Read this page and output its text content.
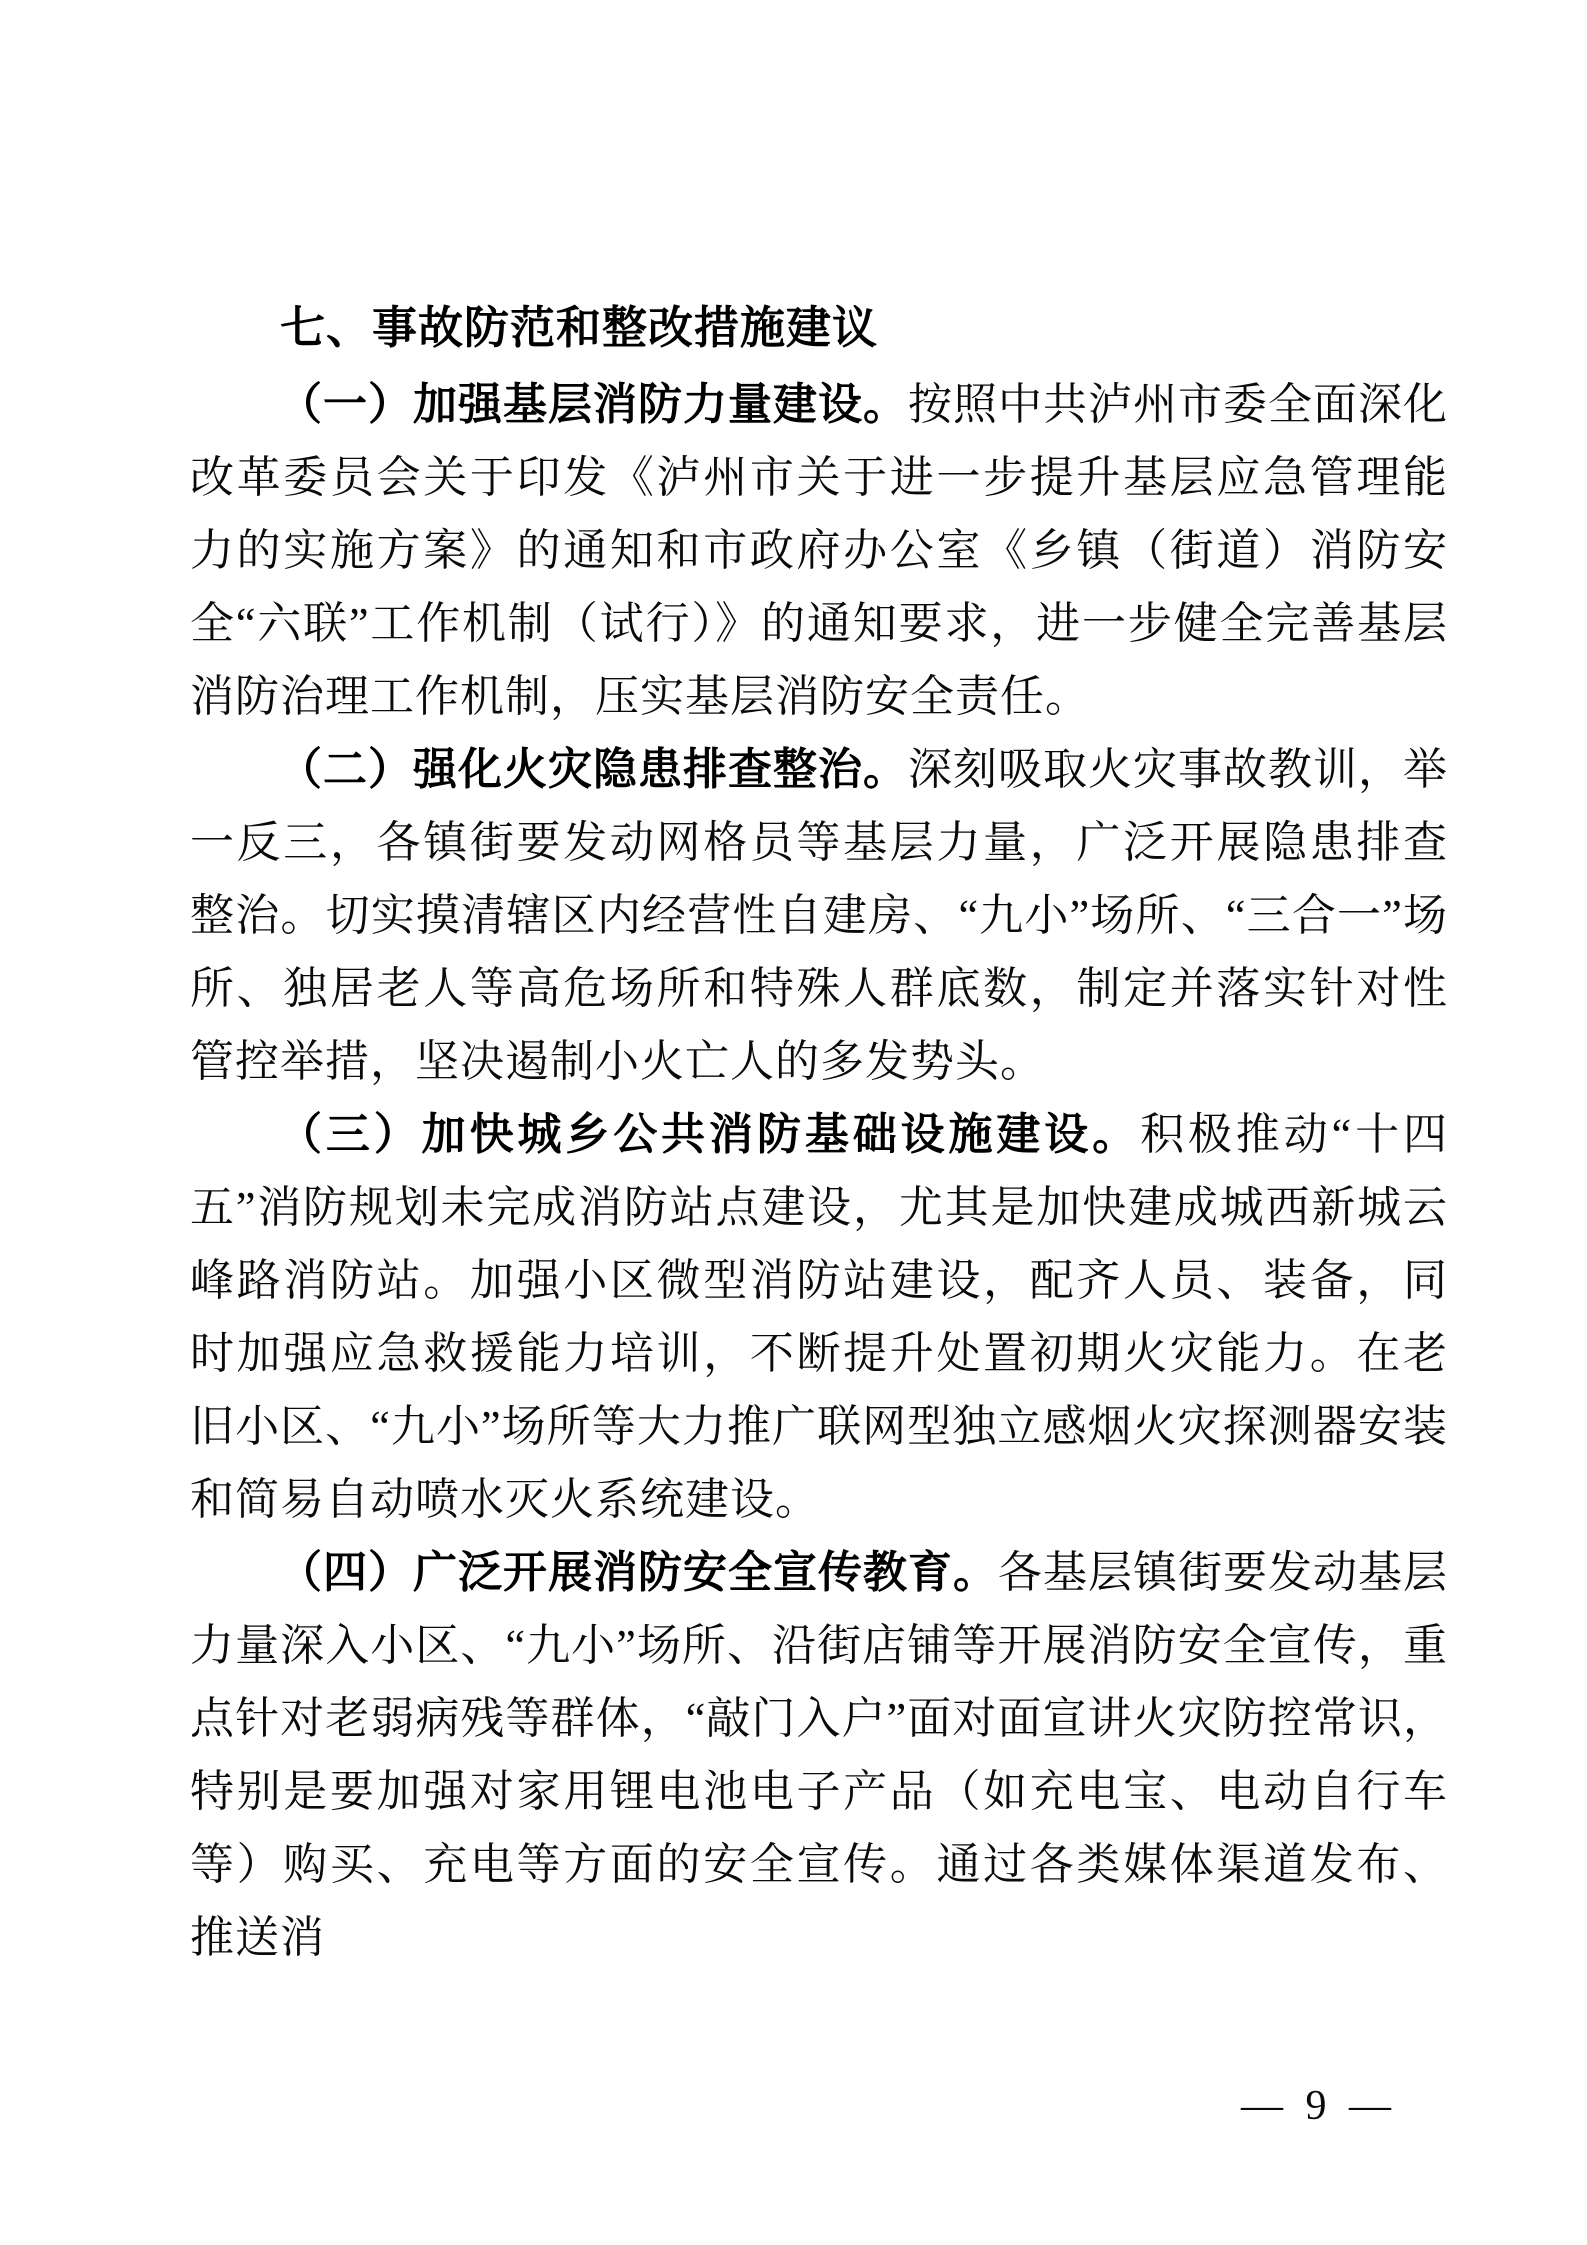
七、事故防范和整改措施建议

（一）加强基层消防力量建设。按照中共泸州市委全面深化改革委员会关于印发《泸州市关于进一步提升基层应急管理能力的实施方案》的通知和市政府办公室《乡镇（街道）消防安全“六联”工作机制（试行）》的通知要求，进一步健全完善基层消防治理工作机制，压实基层消防安全责任。

（二）强化火灾隐患排查整治。深刻吸取火灾事故教训，举一反三，各镇街要发动网格员等基层力量，广泛开展隐患排查整治。切实摸清辖区内经营性自建房、“九小”场所、“三合一”场所、独居老人等高危场所和特殊人群底数，制定并落实针对性管控举措，坚决遏制小火亡人的多发势头。

（三）加快城乡公共消防基础设施建设。积极推动“十四五”消防规划未完成消防站点建设，尤其是加快建成城西新城云峰路消防站。加强小区微型消防站建设，配齐人员、装备，同时加强应急救援能力培训，不断提升处置初期火灾能力。在老旧小区、“九小”场所等大力推广联网型独立感烟火灾探测器安装和简易自动喷水灭火系统建设。

（四）广泛开展消防安全宣传教育。各基层镇街要发动基层力量深入小区、“九小”场所、沿街店铺等开展消防安全宣传，重点针对老弱病残等群体，“敲门入户”面对面宣讲火灾防控常识，特别是要加强对家用锂电池电子产品（如充电宝、电动自行车等）购买、充电等方面的安全宣传。通过各类媒体渠道发布、推送消

— 9 —
